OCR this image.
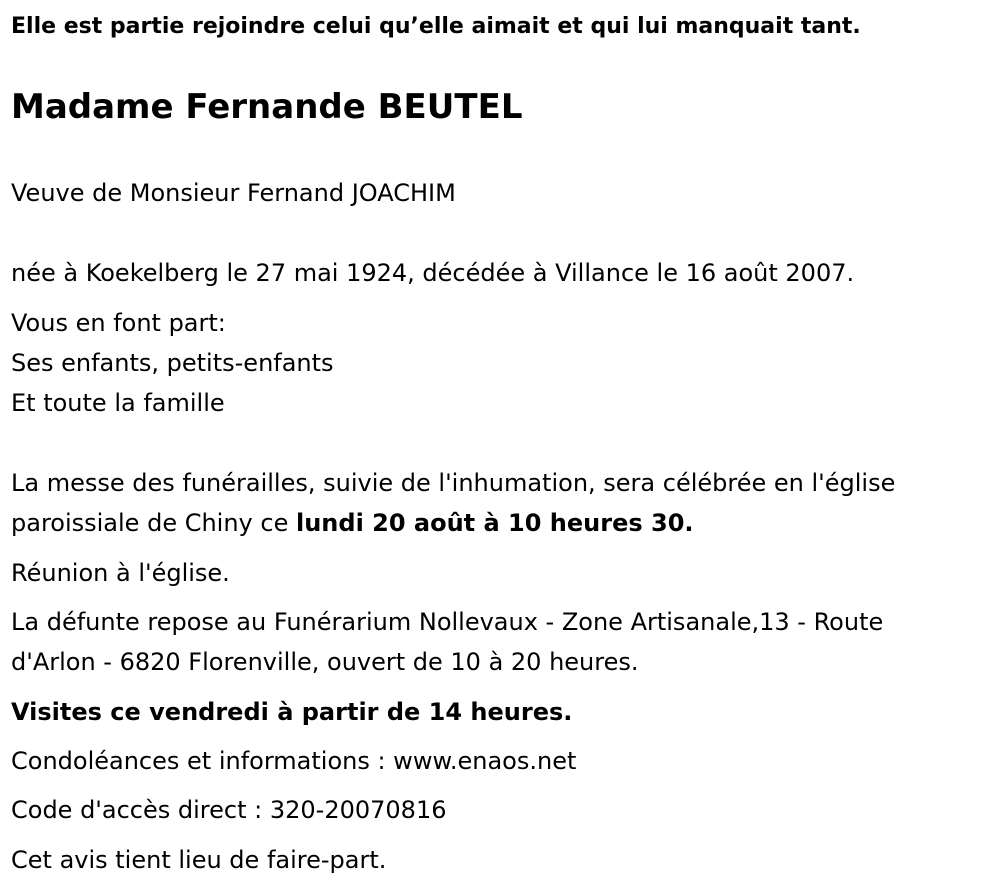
Elle est partie rejoindre celui qu’elle aimait et qui lui manquait tant.
Madame Fernande BEUTEL
Veuve de Monsieur Fernand JOACHIM
née à Koekelberg le 27 mai 1924, décédée à Villance le 16 août 2007.
Vous en font part:
Ses enfants, petits-enfants
Et toute la famille
La messe des funérailles, suivie de l'inhumation, sera célébrée en l'église
paroissiale de Chiny ce lundi 20 août à 10 heures 30.
Réunion à l'église.
La défunte repose au Funérarium Nollevaux - Zone Artisanale,13 - Route
d'Arlon - 6820 Florenville, ouvert de 10 à 20 heures.
Visites ce vendredi à partir de 14 heures.
Condoléances et informations : www.enaos.net
Code d'accès direct : 320-20070816
Cet avis tient lieu de faire-part.
